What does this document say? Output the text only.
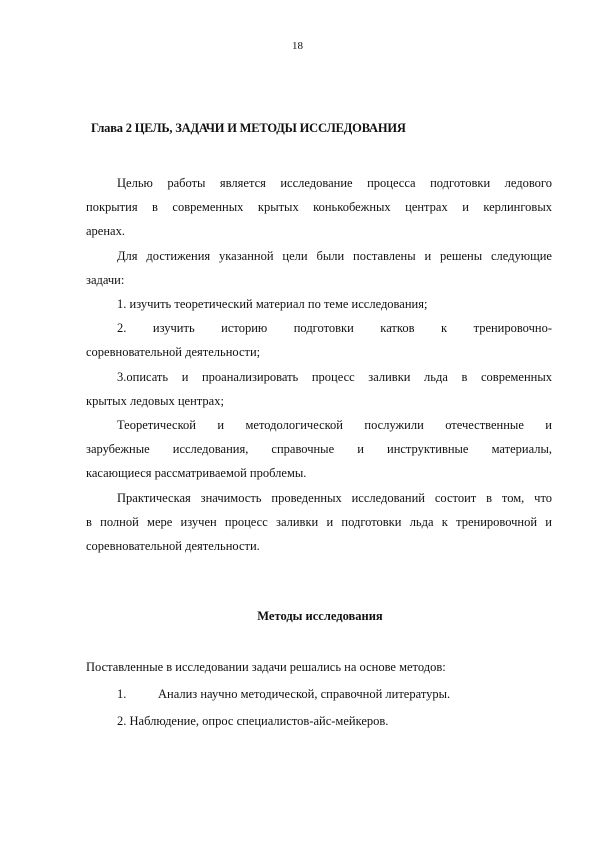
18
Глава 2 ЦЕЛЬ, ЗАДАЧИ И МЕТОДЫ ИССЛЕДОВАНИЯ

Целью работы является исследование процесса подготовки ледового
покрытия в современных крытых конькобежных центрах и керлинговых
аренах.

Для достижения указанной цели были поставлены и решены следующие
задачи:

1. изучить теоретический материал по теме исследования;

2. изучить историю подготовки катков к тренировочно-
соревновательной деятельности;

3.описать и проанализировать процесс заливки льда в современных
крытых ледовых центрах;

Теоретической и методологической послужили отечественные и
зарубежные исследования, справочные и инструктивные материалы,
касающиеся рассматриваемой проблемы.

Практическая значимость проведенных исследований состоит в том, что
в полной мере изучен процесс заливки и подготовки льда к тренировочной и
соревновательной деятельности.

Методы исследования

Поставленные в исследовании задачи решались на основе методов:

1.	Анализ научно методической, справочной литературы.

2. Наблюдение, опрос специалистов-айс-мейкеров.
